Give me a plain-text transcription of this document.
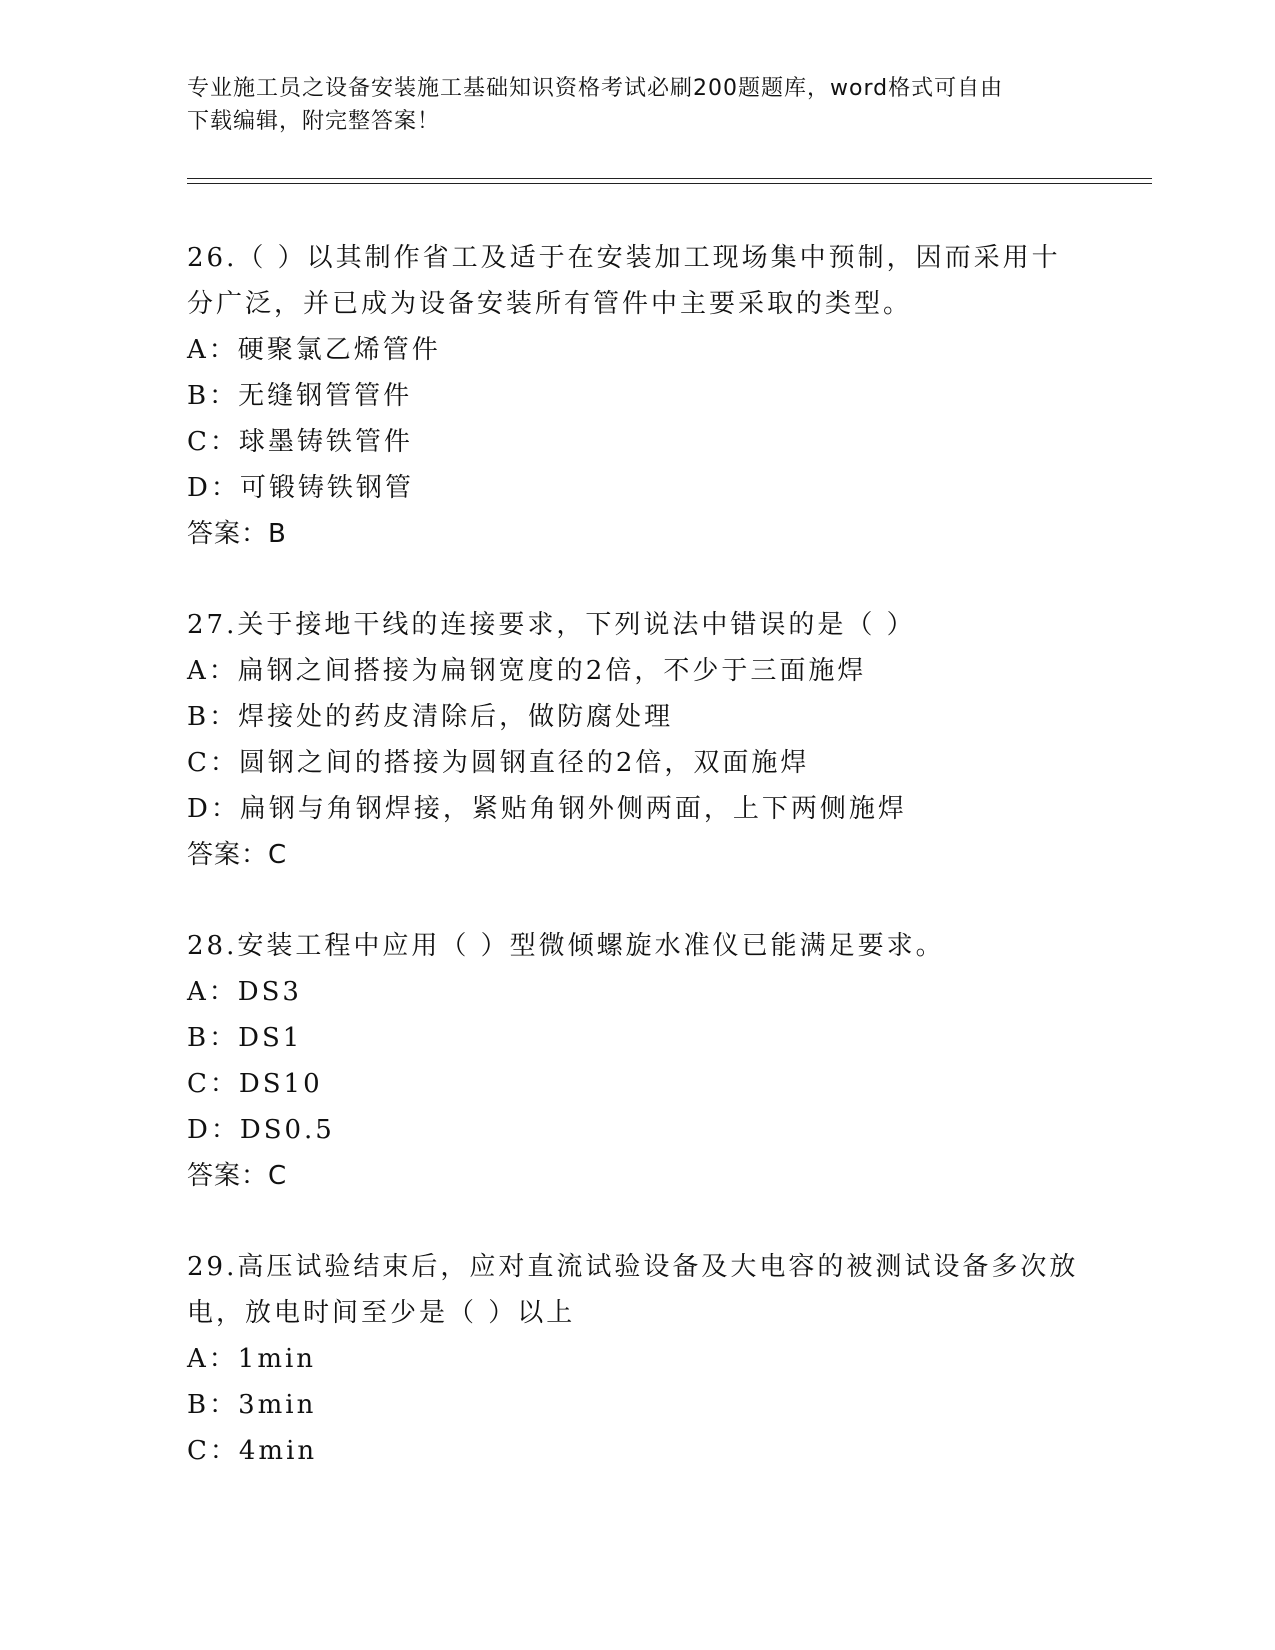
专业施工员之设备安装施工基础知识资格考试必刷200题题库，word格式可自由
下载编辑，附完整答案！

26.（ ）以其制作省工及适于在安装加工现场集中预制，因而采用十分广泛，并已成为设备安装所有管件中主要采取的类型。

A：硬聚氯乙烯管件

B：无缝钢管管件

C：球墨铸铁管件

D：可锻铸铁钢管

答案：B

27.关于接地干线的连接要求，下列说法中错误的是（ ）

A：扁钢之间搭接为扁钢宽度的2倍，不少于三面施焊

B：焊接处的药皮清除后，做防腐处理

C：圆钢之间的搭接为圆钢直径的2倍，双面施焊

D：扁钢与角钢焊接，紧贴角钢外侧两面，上下两侧施焊

答案：C

28.安装工程中应用（ ）型微倾螺旋水准仪已能满足要求。

A：DS3

B：DS1

C：DS10

D：DS0.5

答案：C

29.高压试验结束后，应对直流试验设备及大电容的被测试设备多次放电，放电时间至少是（ ）以上

A：1min

B：3min

C：4min
